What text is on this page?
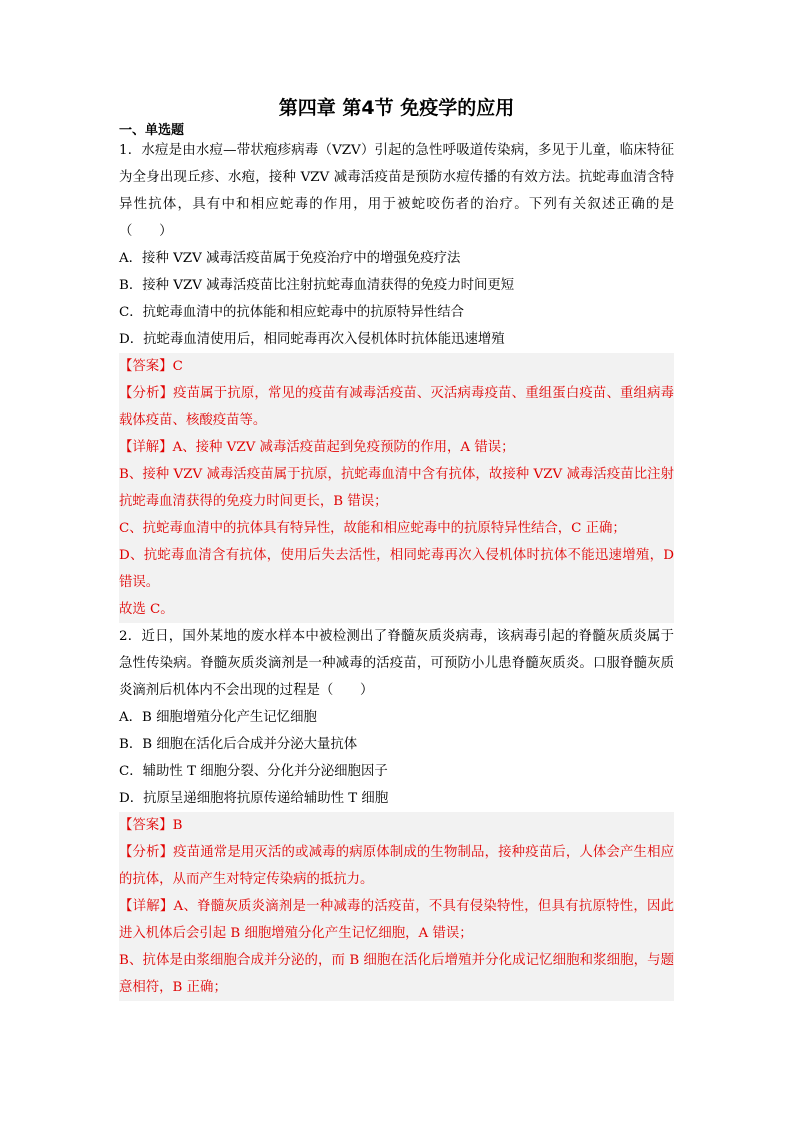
第四章 第4节 免疫学的应用
一、单选题

1．水痘是由水痘—带状疱疹病毒（VZV）引起的急性呼吸道传染病，多见于儿童，临床特征为全身出现丘疹、水疱，接种 VZV 减毒活疫苗是预防水痘传播的有效方法。抗蛇毒血清含特异性抗体，具有中和相应蛇毒的作用，用于被蛇咬伤者的治疗。下列有关叙述正确的是（　　）

A．接种 VZV 减毒活疫苗属于免疫治疗中的增强免疫疗法

B．接种 VZV 减毒活疫苗比注射抗蛇毒血清获得的免疫力时间更短

C．抗蛇毒血清中的抗体能和相应蛇毒中的抗原特异性结合

D．抗蛇毒血清使用后，相同蛇毒再次入侵机体时抗体能迅速增殖

【答案】C

【分析】疫苗属于抗原，常见的疫苗有减毒活疫苗、灭活病毒疫苗、重组蛋白疫苗、重组病毒载体疫苗、核酸疫苗等。

【详解】A、接种 VZV 减毒活疫苗起到免疫预防的作用，A 错误；

B、接种 VZV 减毒活疫苗属于抗原，抗蛇毒血清中含有抗体，故接种 VZV 减毒活疫苗比注射抗蛇毒血清获得的免疫力时间更长，B 错误；

C、抗蛇毒血清中的抗体具有特异性，故能和相应蛇毒中的抗原特异性结合，C 正确；

D、抗蛇毒血清含有抗体，使用后失去活性，相同蛇毒再次入侵机体时抗体不能迅速增殖，D 错误。

故选 C。

2．近日，国外某地的废水样本中被检测出了脊髓灰质炎病毒，该病毒引起的脊髓灰质炎属于急性传染病。脊髓灰质炎滴剂是一种减毒的活疫苗，可预防小儿患脊髓灰质炎。口服脊髓灰质炎滴剂后机体内不会出现的过程是（　　）

A．B 细胞增殖分化产生记忆细胞

B．B 细胞在活化后合成并分泌大量抗体

C．辅助性 T 细胞分裂、分化并分泌细胞因子

D．抗原呈递细胞将抗原传递给辅助性 T 细胞

【答案】B

【分析】疫苗通常是用灭活的或减毒的病原体制成的生物制品，接种疫苗后，人体会产生相应的抗体，从而产生对特定传染病的抵抗力。

【详解】A、脊髓灰质炎滴剂是一种减毒的活疫苗，不具有侵染特性，但具有抗原特性，因此进入机体后会引起 B 细胞增殖分化产生记忆细胞，A 错误；

B、抗体是由浆细胞合成并分泌的，而 B 细胞在活化后增殖并分化成记忆细胞和浆细胞，与题意相符，B 正确；
